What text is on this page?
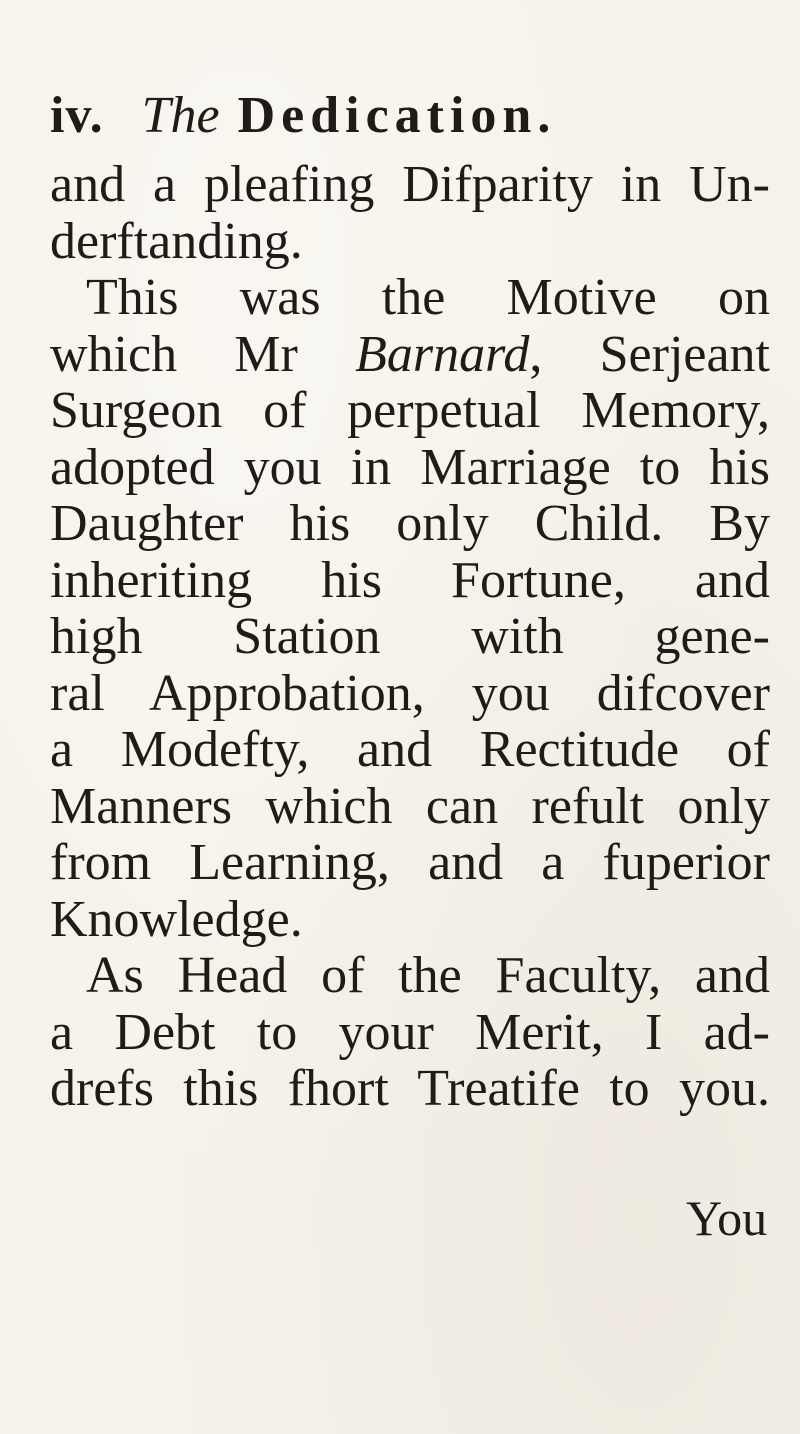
iv. The Dedication.
and a pleafing Difparity in Un-
derftanding.
This was the Motive on
which Mr Barnard, Serjeant
Surgeon of perpetual Memory,
adopted you in Marriage to his
Daughter his only Child. By
inheriting his Fortune, and
high Station with gene-
ral Approbation, you difcover
a Modefty, and Rectitude of
Manners which can refult only
from Learning, and a fuperior
Knowledge.
As Head of the Faculty, and
a Debt to your Merit, I ad-
drefs this fhort Treatife to you.
You
